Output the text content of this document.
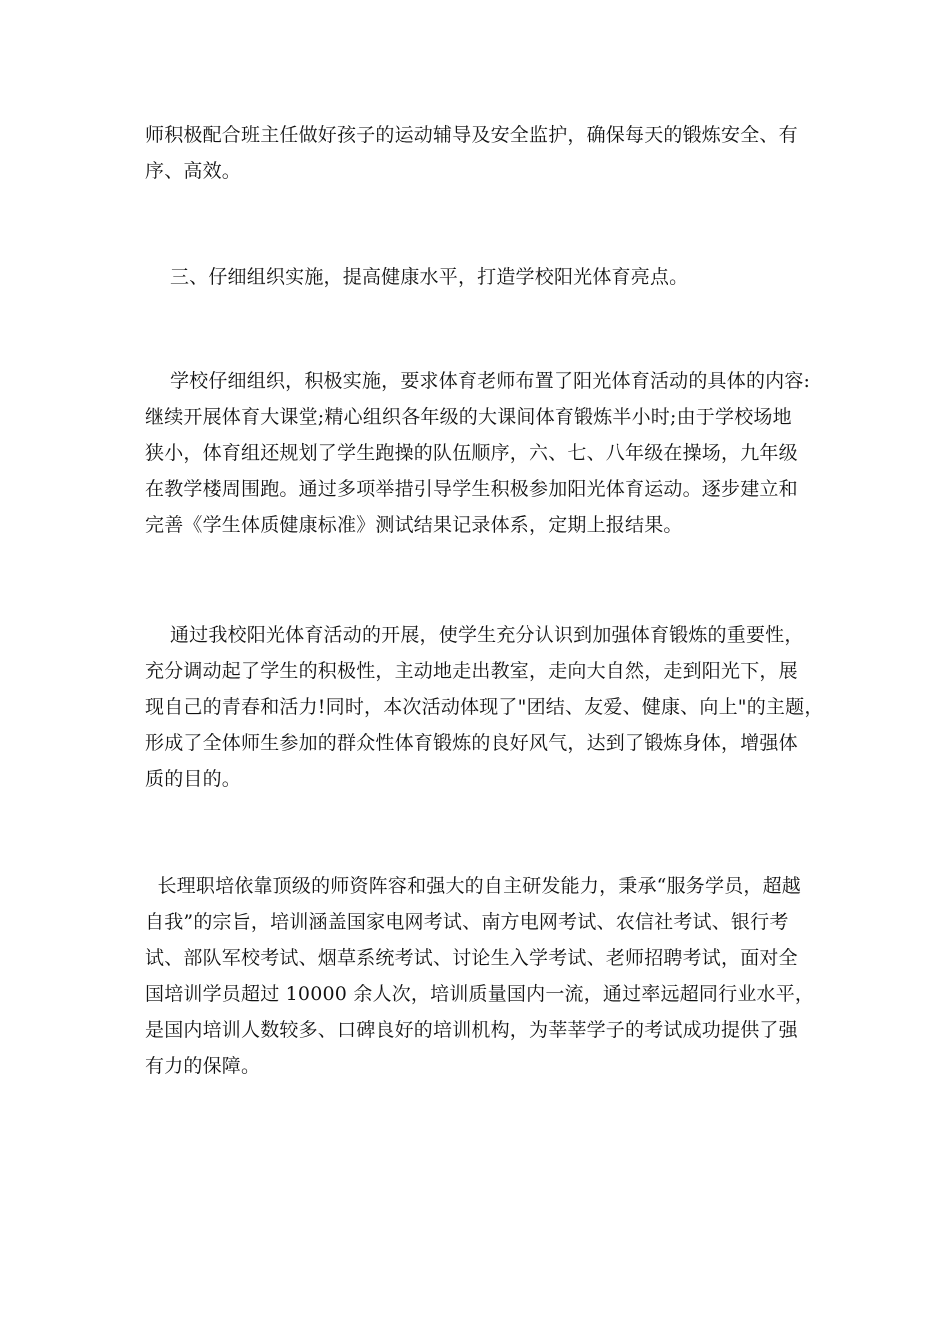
师积极配合班主任做好孩子的运动辅导及安全监护，确保每天的锻炼安全、有
序、高效。
三、仔细组织实施，提高健康水平，打造学校阳光体育亮点。
学校仔细组织，积极实施，要求体育老师布置了阳光体育活动的具体的内容:
继续开展体育大课堂;精心组织各年级的大课间体育锻炼半小时;由于学校场地
狭小，体育组还规划了学生跑操的队伍顺序，六、七、八年级在操场，九年级
在教学楼周围跑。通过多项举措引导学生积极参加阳光体育运动。逐步建立和
完善《学生体质健康标准》测试结果记录体系，定期上报结果。
通过我校阳光体育活动的开展，使学生充分认识到加强体育锻炼的重要性，
充分调动起了学生的积极性，主动地走出教室，走向大自然，走到阳光下，展
现自己的青春和活力!同时，本次活动体现了"团结、友爱、健康、向上"的主题，
形成了全体师生参加的群众性体育锻炼的良好风气，达到了锻炼身体，增强体
质的目的。
长理职培依靠顶级的师资阵容和强大的自主研发能力，秉承“服务学员，超越
自我”的宗旨，培训涵盖国家电网考试、南方电网考试、农信社考试、银行考
试、部队军校考试、烟草系统考试、讨论生入学考试、老师招聘考试，面对全
国培训学员超过 10000 余人次，培训质量国内一流，通过率远超同行业水平，
是国内培训人数较多、口碑良好的培训机构，为莘莘学子的考试成功提供了强
有力的保障。
